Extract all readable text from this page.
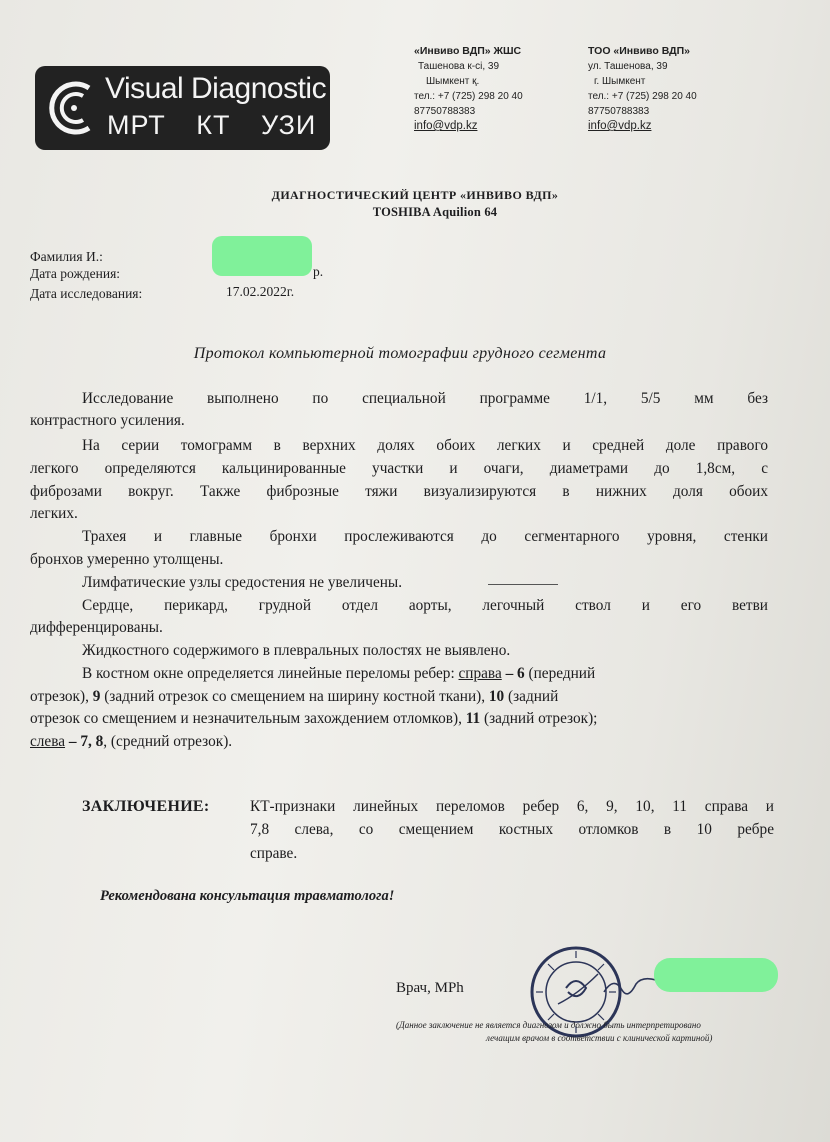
Visual Diagnostic
МРТ КТ УЗИ
«Инвиво ВДП» ЖШС
Ташенова к-сі, 39
Шымкент қ.
тел.: +7 (725) 298 20 40
87750788383
info@vdp.kz
ТОО «Инвиво ВДП»
ул. Ташенова, 39
г. Шымкент
тел.: +7 (725) 298 20 40
87750788383
info@vdp.kz
ДИАГНОСТИЧЕСКИЙ ЦЕНТР «ИНВИВО ВДП»
TOSHIBA Aquilion 64
Фамилия И.:
Дата рождения:	р.
Дата исследования:	17.02.2022г.
Протокол компьютерной томографии грудного сегмента
Исследование выполнено по специальной программе 1/1, 5/5 мм без
контрастного усиления.
На серии томограмм в верхних долях обоих легких и средней доле правого
легкого определяются кальцинированные участки и очаги, диаметрами до 1,8см, с
фиброзами вокруг. Также фиброзные тяжи визуализируются в нижних доля обоих
легких.
Трахея и главные бронхи прослеживаются до сегментарного уровня, стенки
бронхов умеренно утолщены.
Лимфатические узлы средостения не увеличены.
Сердце, перикард, грудной отдел аорты, легочный ствол и его ветви
дифференцированы.
Жидкостного содержимого в плевральных полостях не выявлено.
В костном окне определяется линейные переломы ребер: справа – 6 (передний
отрезок), 9 (задний отрезок со смещением на ширину костной ткани), 10 (задний
отрезок со смещением и незначительным захождением отломков), 11 (задний отрезок);
слева – 7, 8, (средний отрезок).
ЗАКЛЮЧЕНИЕ:	КТ-признаки линейных переломов ребер 6, 9, 10, 11 справа и
7,8 слева, со смещением костных отломков в 10 ребре
справе.
Рекомендована консультация травматолога!
Врач, MPh
(Данное заключение не является диагнозом и должно быть интерпретировано
лечащим врачом в соответствии с клинической картиной)
